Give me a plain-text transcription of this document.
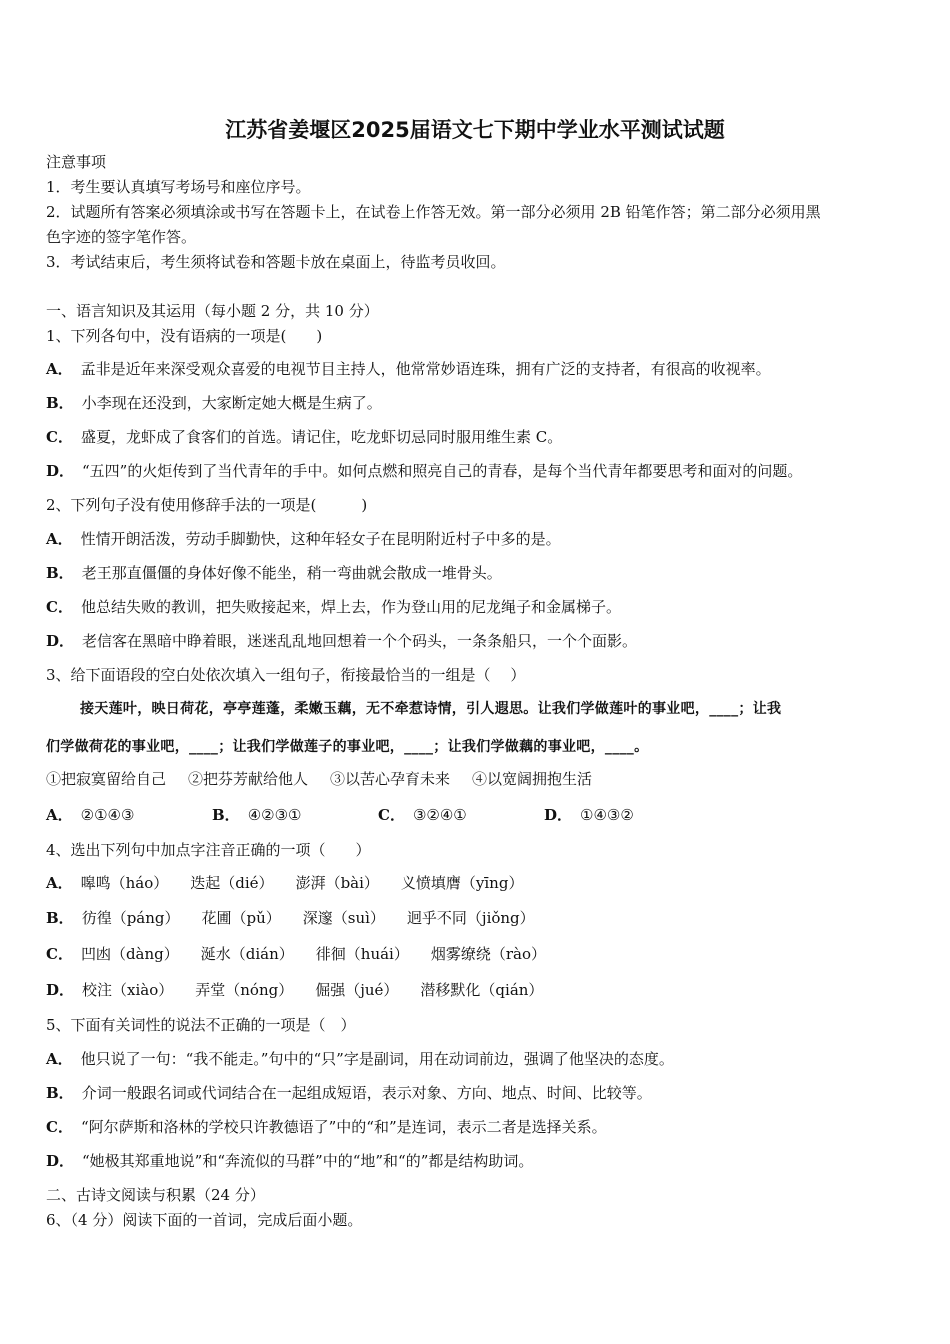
江苏省姜堰区2025届语文七下期中学业水平测试试题
注意事项
1．考生要认真填写考场号和座位序号。
2．试题所有答案必须填涂或书写在答题卡上，在试卷上作答无效。第一部分必须用 2B 铅笔作答；第二部分必须用黑
色字迹的签字笔作答。
3．考试结束后，考生须将试卷和答题卡放在桌面上，待监考员收回。
一、语言知识及其运用（每小题 2 分，共 10 分）
1、下列各句中，没有语病的一项是(　　)
A． 孟非是近年来深受观众喜爱的电视节目主持人，他常常妙语连珠，拥有广泛的支持者，有很高的收视率。
B． 小李现在还没到，大家断定她大概是生病了。
C． 盛夏，龙虾成了食客们的首选。请记住，吃龙虾切忌同时服用维生素 C。
D． “五四”的火炬传到了当代青年的手中。如何点燃和照亮自己的青春，是每个当代青年都要思考和面对的问题。
2、下列句子没有使用修辞手法的一项是(　　　)
A． 性情开朗活泼，劳动手脚勤快，这种年轻女子在昆明附近村子中多的是。
B． 老王那直僵僵的身体好像不能坐，稍一弯曲就会散成一堆骨头。
C． 他总结失败的教训，把失败接起来，焊上去，作为登山用的尼龙绳子和金属梯子。
D． 老信客在黑暗中睁着眼，迷迷乱乱地回想着一个个码头，一条条船只，一个个面影。
3、给下面语段的空白处依次填入一组句子，衔接最恰当的一组是（　 ）
接天莲叶，映日荷花，亭亭莲蓬，柔嫩玉藕，无不牵惹诗情，引人遐思。让我们学做莲叶的事业吧，____；让我
们学做荷花的事业吧，____；让我们学做莲子的事业吧，____；让我们学做藕的事业吧，____。
①把寂寞留给自己 ②把芬芳献给他人 ③以苦心孕育未来 ④以宽阔拥抱生活
A． ②①④③	B． ④②③①	C． ③②④①	D． ①④③②
4、选出下列句中加点字注音正确的一项（　　）
A． 嗥鸣（háo） 迭起（dié） 澎湃（bài） 义愤填膺（yīng）
B． 彷徨（páng） 花圃（pǔ） 深邃（suì） 迥乎不同（jiǒng）
C． 凹凼（dàng） 涎水（dián） 徘徊（huái） 烟雾缭绕（rào）
D． 校注（xiào） 弄堂（nóng） 倔强（jué） 潜移默化（qián）
5、下面有关词性的说法不正确的一项是（　）
A． 他只说了一句：“我不能走。”句中的“只”字是副词，用在动词前边，强调了他坚决的态度。
B． 介词一般跟名词或代词结合在一起组成短语，表示对象、方向、地点、时间、比较等。
C． “阿尔萨斯和洛林的学校只许教德语了”中的“和”是连词，表示二者是选择关系。
D． “她极其郑重地说”和“奔流似的马群”中的“地”和“的”都是结构助词。
二、古诗文阅读与积累（24 分）
6、（4 分）阅读下面的一首词，完成后面小题。
